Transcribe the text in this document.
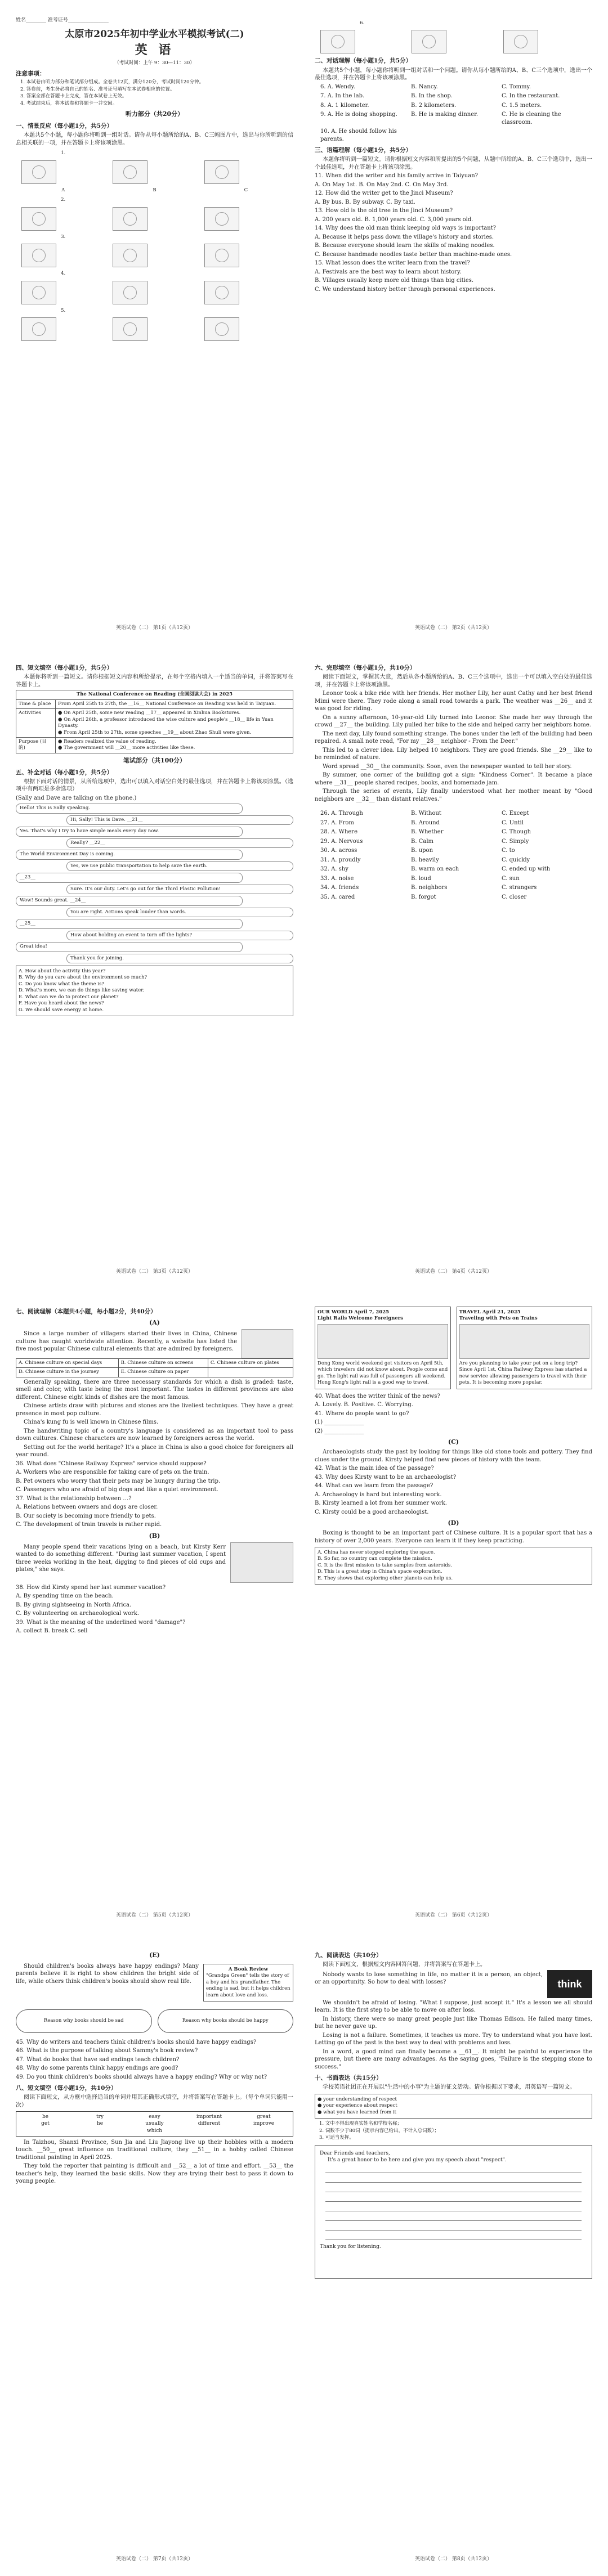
姓名________ 准考证号________________
太原市2025年初中学业水平模拟考试(二)
英 语
（考试时间：上午 9：30—11：30）
注意事项：
1. 本试卷由听力部分和笔试部分组成。全卷共12页，满分120分，考试时间120分钟。
2. 答卷前，考生务必将自己的姓名、准考证号填写在本试卷相应的位置。
3. 答案全部在答题卡上完成，答在本试卷上无效。
4. 考试结束后，将本试卷和答题卡一并交回。
听力部分（共20分）
一、情景反应（每小题1分，共5分）

本题共5个小题，每小题你将听到一组对话。请你从每小题所给的A、B、C三幅图片中，选出与你所听到的信息相关联的一项，并在答题卡上将该项涂黑。

1.
A	B	C
2.
3.
4.
5.
英语试卷（二） 第1页（共12页）
6.
二、对话理解（每小题1分，共5分）

本题共5个小题，每小题你将听到一组对话和一个问题。请你从每小题所给的A、B、C三个选项中，选出一个最佳选项，并在答题卡上将该项涂黑。

6. A. Wendy.	B. Nancy.	C. Tommy.
7. A. In the lab.	B. In the shop.	C. In the restaurant.
8. A. 1 kilometer.	B. 2 kilometers.	C. 1.5 meters.
9. A. He is doing shopping.	B. He is making dinner.	C. He is cleaning the classroom.
10. A. He should follow his parents.
三、语篇理解（每小题1分，共5分）

本题你将听到一篇短文。请你根据短文内容和所提出的5个问题，从题中所给的A、B、C三个选项中，选出一个最佳选项，并在答题卡上将该项涂黑。

11. When did the writer and his family arrive in Taiyuan?
A. On May 1st. B. On May 2nd. C. On May 3rd.
12. How did the writer get to the Jinci Museum?
A. By bus. B. By subway. C. By taxi.
13. How old is the old tree in the Jinci Museum?
A. 200 years old. B. 1,000 years old. C. 3,000 years old.
14. Why does the old man think keeping old ways is important?
A. Because it helps pass down the village's history and stories.
B. Because everyone should learn the skills of making noodles.
C. Because handmade noodles taste better than machine-made ones.
15. What lesson does the writer learn from the travel?
A. Festivals are the best way to learn about history.
B. Villages usually keep more old things than big cities.
C. We understand history better through personal experiences.
英语试卷（二） 第2页（共12页）
四、短文填空（每小题1分，共5分）

本题你将听到一篇短文。请你根据短文内容和所给提示，在每个空格内填入一个适当的单词，并将答案写在答题卡上。

The National Conference on Reading (全国阅读大会) in 2025	
Time & place	From April 25th to 27th, the __16__ National Conference on Reading was held in Taiyuan.
Activities	● On April 25th, some new reading __17__ appeared in Xinhua Bookstores.
● On April 26th, a professor introduced the wise culture and people's __18__ life in Yuan Dynasty.
● From April 25th to 27th, some speeches __19__ about Zhao Shuli were given.
Purpose (目的)	● Readers realized the value of reading.
● The government will __20__ more activities like these.
笔试部分（共100分）
五、补全对话（每小题1分，共5分）

根据下面对话的情景，从所给选项中，选出可以填入对话空白处的最佳选项，并在答题卡上将该项涂黑。（选项中有两项是多余选项）

(Sally and Dave are talking on the phone.)
Hello! This is Sally speaking.
Hi, Sally! This is Dave. __21__
Yes. That's why I try to have simple meals every day now.
Really? __22__
The World Environment Day is coming.
Yes, we use public transportation to help save the earth.
__23__
Sure. It's our duty. Let's go out for the Third Plastic Pollution!
Wow! Sounds great. __24__
You are right. Actions speak louder than words.
__25__
How about holding an event to turn off the lights?
Great idea!
Thank you for joining.
A. How about the activity this year?
B. Why do you care about the environment so much?
C. Do you know what the theme is?
D. What's more, we can do things like saving water.
E. What can we do to protect our planet?
F. Have you heard about the news?
G. We should save energy at home.
英语试卷（二） 第3页（共12页）
六、完形填空（每小题1分，共10分）

阅读下面短文，掌握其大意，然后从各小题所给的A、B、C三个选项中，选出一个可以填入空白处的最佳选项，并在答题卡上将该项涂黑。

Leonor took a bike ride with her friends. Her mother Lily, her aunt Cathy and her best friend Mimi were there. They rode along a small road towards a park. The weather was __26__ and it was good for riding.

On a sunny afternoon, 10-year-old Lily turned into Leonor. She made her way through the crowd __27__ the building. Lily pulled her bike to the side and helped carry her neighbors home.

The next day, Lily found something strange. The bones under the left of the building had been repaired. A small note read, "For my __28__ neighbor - From the Deer."

This led to a clever idea. Lily helped 10 neighbors. They are good friends. She __29__ like to be reminded of nature.

Word spread __30__ the community. Soon, even the newspaper wanted to tell her story.

By summer, one corner of the building got a sign: "Kindness Corner". It became a place where __31__ people shared recipes, books, and homemade jam.

Through the series of events, Lily finally understood what her mother meant by "Good neighbors are __32__ than distant relatives."

26. A. Through	B. Without	C. Except
27. A. From	B. Around	C. Until
28. A. Where	B. Whether	C. Though
29. A. Nervous	B. Calm	C. Simply
30. A. across	B. upon	C. to
31. A. proudly	B. heavily	C. quickly
32. A. shy	B. warm on each	C. ended up with
33. A. noise	B. loud	C. sun
34. A. friends	B. neighbors	C. strangers
35. A. cared	B. forgot	C. closer
英语试卷（二） 第4页（共12页）
七、阅读理解（本题共4小题，每小题2分，共40分）
(A)

Since a large number of villagers started their lives in China, Chinese culture has caught worldwide attention. Recently, a website has listed the five most popular Chinese cultural elements that are admired by foreigners.

A. Chinese culture on special days	B. Chinese culture on screens	C. Chinese culture on plates
D. Chinese culture in the journey	E. Chinese culture on paper	

Generally speaking, there are three necessary standards for which a dish is graded: taste, smell and color, with taste being the most important. The tastes in different provinces are also different. Chinese eight kinds of dishes are the most famous.

Chinese artists draw with pictures and stones are the liveliest techniques. They have a great presence in most pop culture.

China's kung fu is well known in Chinese films.

The handwriting topic of a country's language is considered as an important tool to pass down cultures. Chinese characters are now learned by foreigners across the world.

Setting out for the world heritage? It's a place in China is also a good choice for foreigners all year round.

36. What does "Chinese Railway Express" service should suppose?
A. Workers who are responsible for taking care of pets on the train.
B. Pet owners who worry that their pets may be hungry during the trip.
C. Passengers who are afraid of big dogs and like a quiet environment.
37. What is the relationship between …?
A. Relations between owners and dogs are closer.
B. Our society is becoming more friendly to pets.
C. The development of train travels is rather rapid.
(B)

Many people spend their vacations lying on a beach, but Kirsty Kerr wanted to do something different. "During last summer vacation, I spent three weeks working in the heat, digging to find pieces of old cups and plates," she says.

38. How did Kirsty spend her last summer vacation?
A. By spending time on the beach.
B. By giving sightseeing in North Africa.
C. By volunteering on archaeological work.
39. What is the meaning of the underlined word "damage"?
A. collect B. break C. sell
英语试卷（二） 第5页（共12页）
OUR WORLD April 7, 2025
Light Rails Welcome Foreigners
Dong Kong world weekend got visitors on April 5th, which travelers did not know about. People come and go. The light rail was full of passengers all weekend. Hong Kong's light rail is a good way to travel.
TRAVEL April 21, 2025
Traveling with Pets on Trains
Are you planning to take your pet on a long trip? Since April 1st, China Railway Express has started a new service allowing passengers to travel with their pets. It is becoming more popular.
40. What does the writer think of the news?
A. Lovely. B. Positive. C. Worrying.
41. Where do people want to go?
(1) ______________
(2) ______________
(C)

Archaeologists study the past by looking for things like old stone tools and pottery. They find clues under the ground. Kirsty helped find new pieces of history with the team.

42. What is the main idea of the passage?
43. Why does Kirsty want to be an archaeologist?
44. What can we learn from the passage?
A. Archaeology is hard but interesting work.
B. Kirsty learned a lot from her summer work.
C. Kirsty could be a good archaeologist.
(D)

Boxing is thought to be an important part of Chinese culture. It is a popular sport that has a history of over 2,000 years. Everyone can learn it if they keep practicing.

A. China has never stopped exploring the space.
B. So far, no country can complete the mission.
C. It is the first mission to take samples from asteroids.
D. This is a great step in China's space exploration.
E. They shows that exploring other planets can help us.
英语试卷（二） 第6页（共12页）
(E)

Should children's books always have happy endings? Many parents believe it is right to show children the bright side of life, while others think children's books should show real life.

A Book Review
"Grandpa Green" tells the story of a boy and his grandfather. The ending is sad, but it helps children learn about love and loss.
Reason why books should be sad	Reason why books should be happy
45. Why do writers and teachers think children's books should have happy endings?
46. What is the purpose of talking about Sammy's book review?
47. What do books that have sad endings teach children?
48. Why do some parents think happy endings are good?
49. Do you think children's books should always have a happy ending? Why or why not?
八、短文填空（每小题1分，共10分）

阅读下面短文，从方框中选择适当的单词并用其正确形式填空，并将答案写在答题卡上。（每个单词只能用一次）

be	try	easy	important	great
get	he	usually	different	improve
which

In Taizhou, Shanxi Province, Sun Jia and Liu Jiayong live up their hobbies with a modern touch. __50__ great influence on traditional culture, they __51__ in a hobby called Chinese traditional painting in April 2025.

They told the reporter that painting is difficult and __52__ a lot of time and effort. __53__ the teacher's help, they learned the basic skills. Now they are trying their best to pass it down to young people.

英语试卷（二） 第7页（共12页）
九、阅读表达（共10分）

阅读下面短文，根据短文内容回答问题，并将答案写在答题卡上。

Nobody wants to lose something in life, no matter it is a person, an object, or an opportunity. So how to deal with losses?	think

We shouldn't be afraid of losing. "What I suppose, just accept it." It's a lesson we all should learn. It is the first step to be able to move on after loss.

In history, there were so many great people just like Thomas Edison. He failed many times, but he never gave up.

Losing is not a failure. Sometimes, it teaches us more. Try to understand what you have lost. Letting go of the past is the best way to deal with problems and loss.

In a word, a good mind can finally become a __61__. It might be painful to experience the pressure, but there are many advantages. As the saying goes, "Failure is the stepping stone to success."

十、书面表达（共15分）

学校英语社团正在开展以"生活中的小事"为主题的征文活动。请你根据以下要求，用英语写一篇短文。

● your understanding of respect
● your experience about respect
● what you have learned from it
1. 文中不得出现真实姓名和学校名称；
2. 词数不少于80词（提示内容已给出，不计入总词数）；
3. 可适当发挥。
Dear Friends and teachers,
It's a great honor to be here and give you my speech about "respect".
Thank you for listening.
英语试卷（二） 第8页（共12页）
